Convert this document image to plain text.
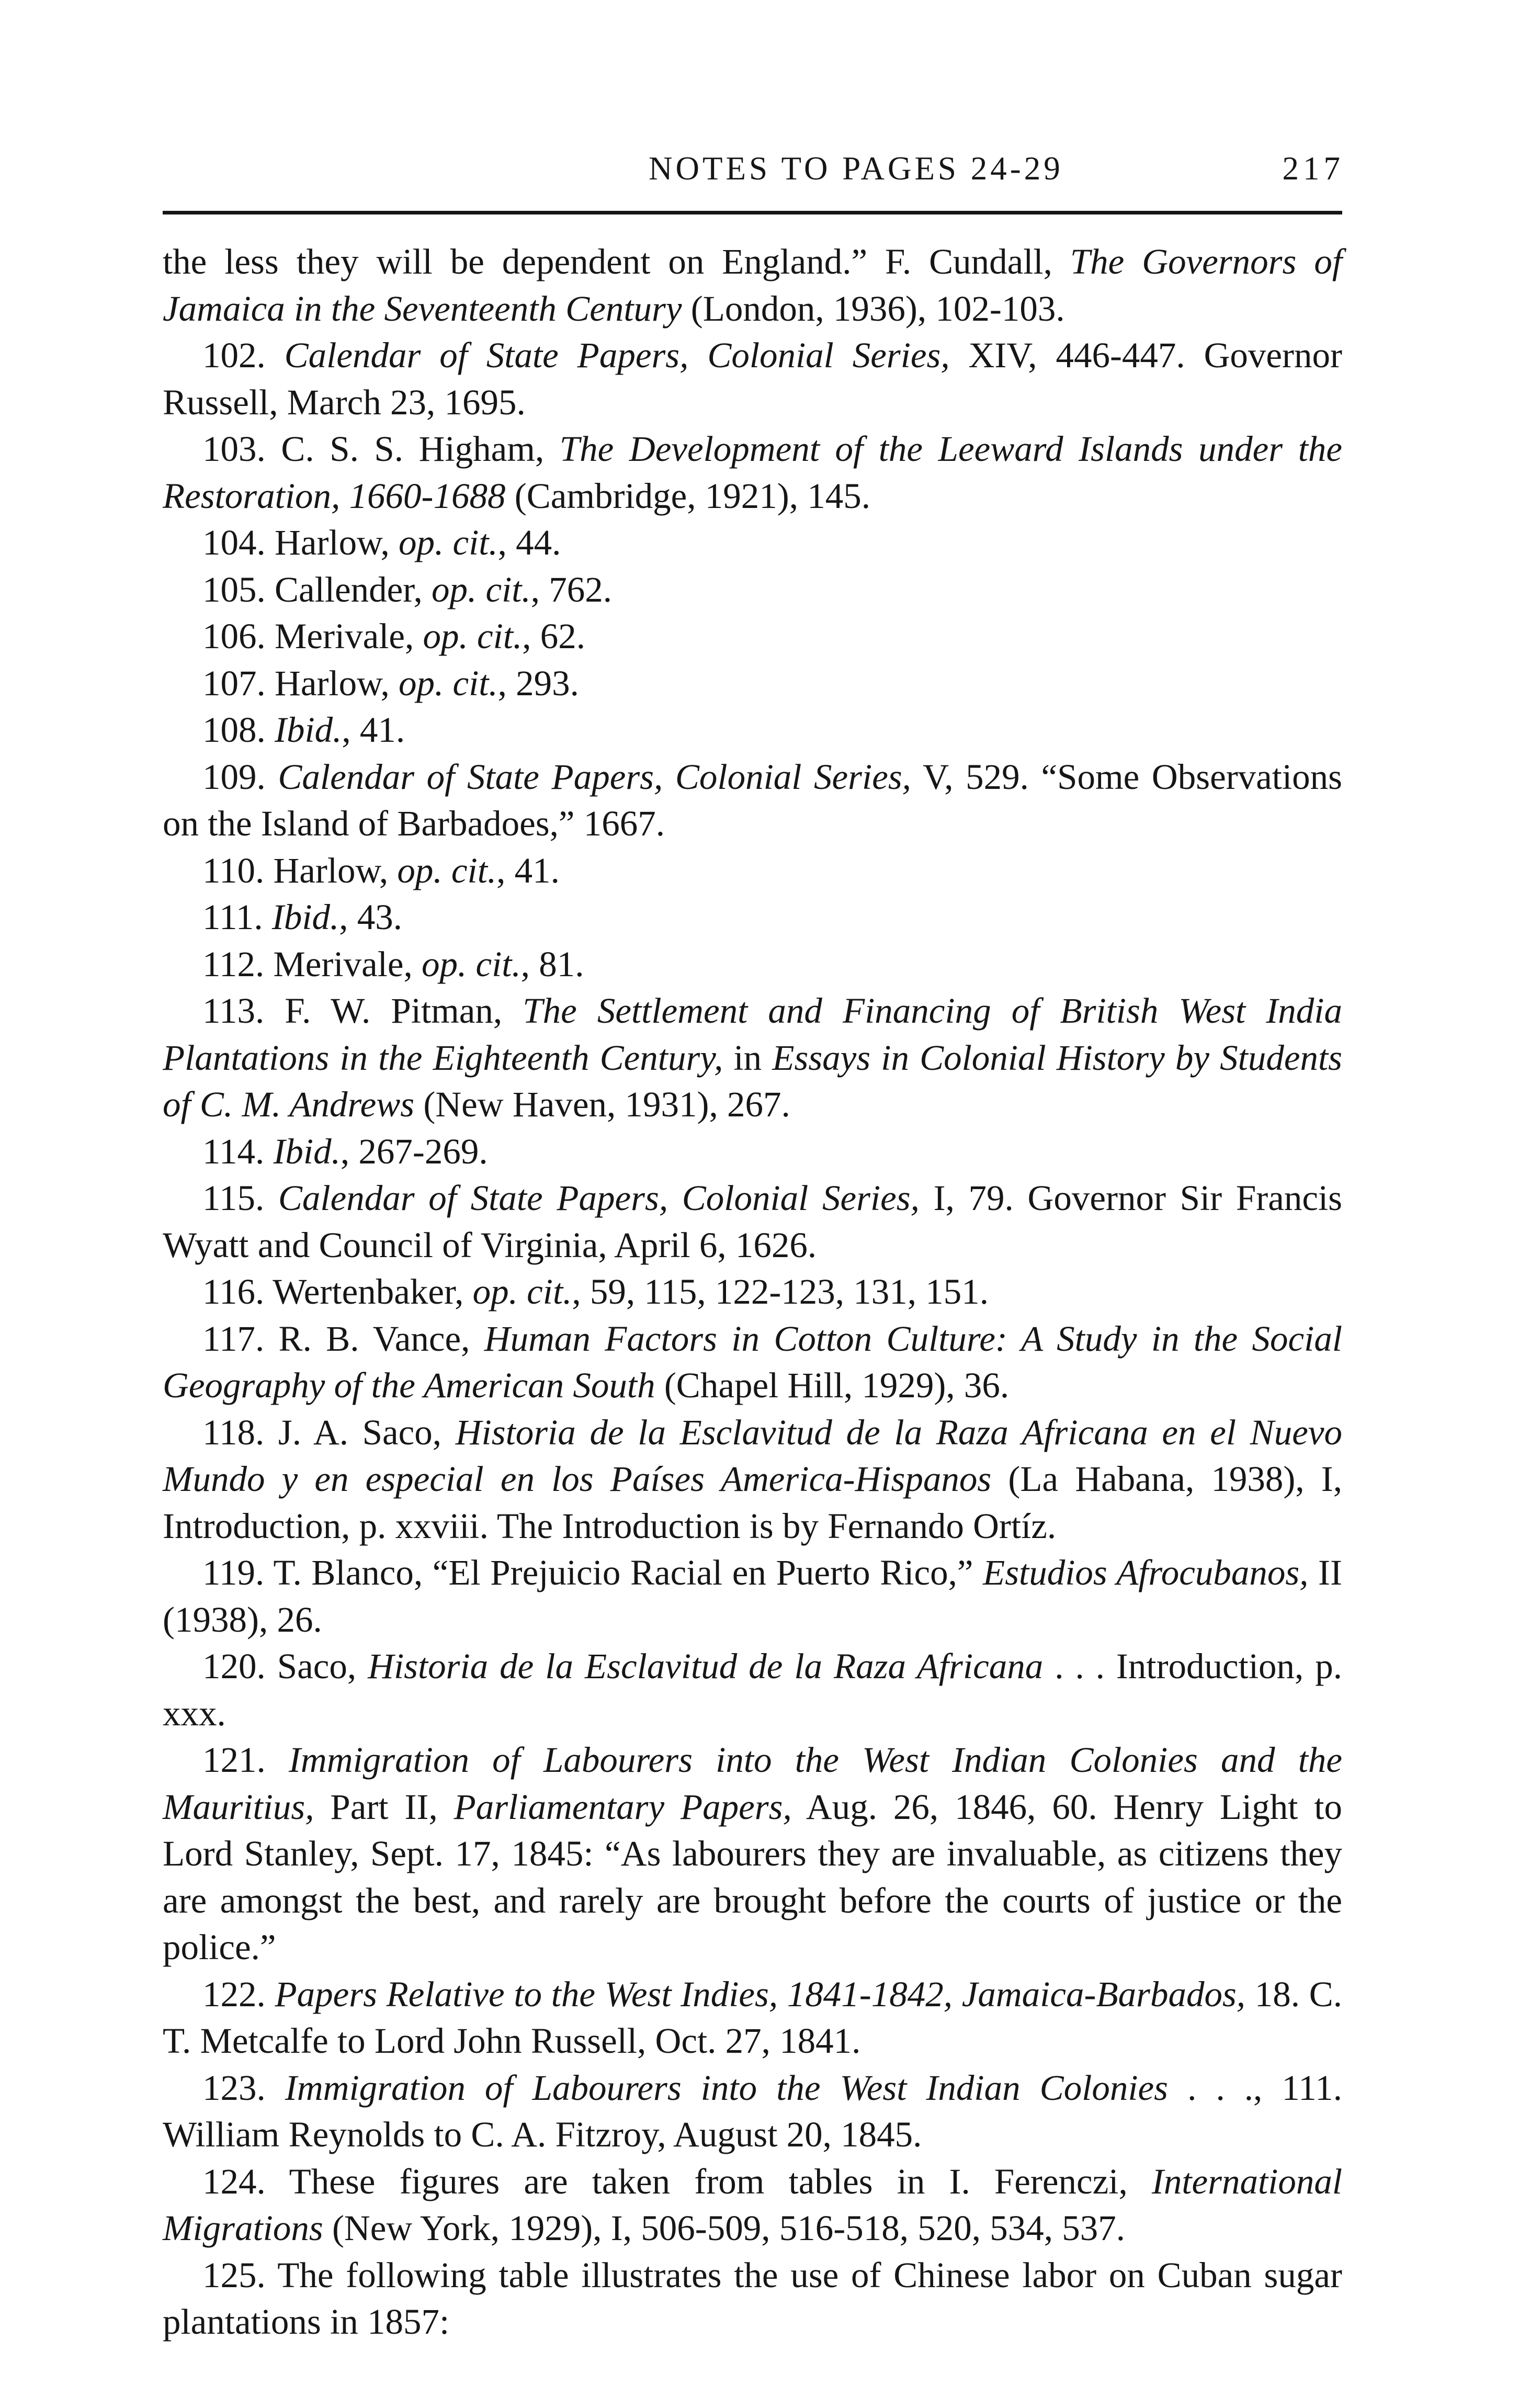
NOTES TO PAGES 24-29	217

the less they will be dependent on England.” F. Cundall, The Governors of Jamaica in the Seventeenth Century (London, 1936), 102-103.

102. Calendar of State Papers, Colonial Series, XIV, 446-447. Governor Russell, March 23, 1695.

103. C. S. S. Higham, The Development of the Leeward Islands under the Restoration, 1660-1688 (Cambridge, 1921), 145.

104. Harlow, op. cit., 44.

105. Callender, op. cit., 762.

106. Merivale, op. cit., 62.

107. Harlow, op. cit., 293.

108. Ibid., 41.

109. Calendar of State Papers, Colonial Series, V, 529. “Some Observations on the Island of Barbadoes,” 1667.

110. Harlow, op. cit., 41.

111. Ibid., 43.

112. Merivale, op. cit., 81.

113. F. W. Pitman, The Settlement and Financing of British West India Plantations in the Eighteenth Century, in Essays in Colonial History by Students of C. M. Andrews (New Haven, 1931), 267.

114. Ibid., 267-269.

115. Calendar of State Papers, Colonial Series, I, 79. Governor Sir Francis Wyatt and Council of Virginia, April 6, 1626.

116. Wertenbaker, op. cit., 59, 115, 122-123, 131, 151.

117. R. B. Vance, Human Factors in Cotton Culture: A Study in the Social Geography of the American South (Chapel Hill, 1929), 36.

118. J. A. Saco, Historia de la Esclavitud de la Raza Africana en el Nuevo Mundo y en especial en los Países America-Hispanos (La Habana, 1938), I, Introduction, p. xxviii. The Introduction is by Fernando Ortíz.

119. T. Blanco, “El Prejuicio Racial en Puerto Rico,” Estudios Afrocubanos, II (1938), 26.

120. Saco, Historia de la Esclavitud de la Raza Africana . . . Introduction, p. xxx.

121. Immigration of Labourers into the West Indian Colonies and the Mauritius, Part II, Parliamentary Papers, Aug. 26, 1846, 60. Henry Light to Lord Stanley, Sept. 17, 1845: “As labourers they are invaluable, as citizens they are amongst the best, and rarely are brought before the courts of justice or the police.”

122. Papers Relative to the West Indies, 1841-1842, Jamaica-Barbados, 18. C. T. Metcalfe to Lord John Russell, Oct. 27, 1841.

123. Immigration of Labourers into the West Indian Colonies . . ., 111. William Reynolds to C. A. Fitzroy, August 20, 1845.

124. These figures are taken from tables in I. Ferenczi, International Migrations (New York, 1929), I, 506-509, 516-518, 520, 534, 537.

125. The following table illustrates the use of Chinese labor on Cuban sugar plantations in 1857:
